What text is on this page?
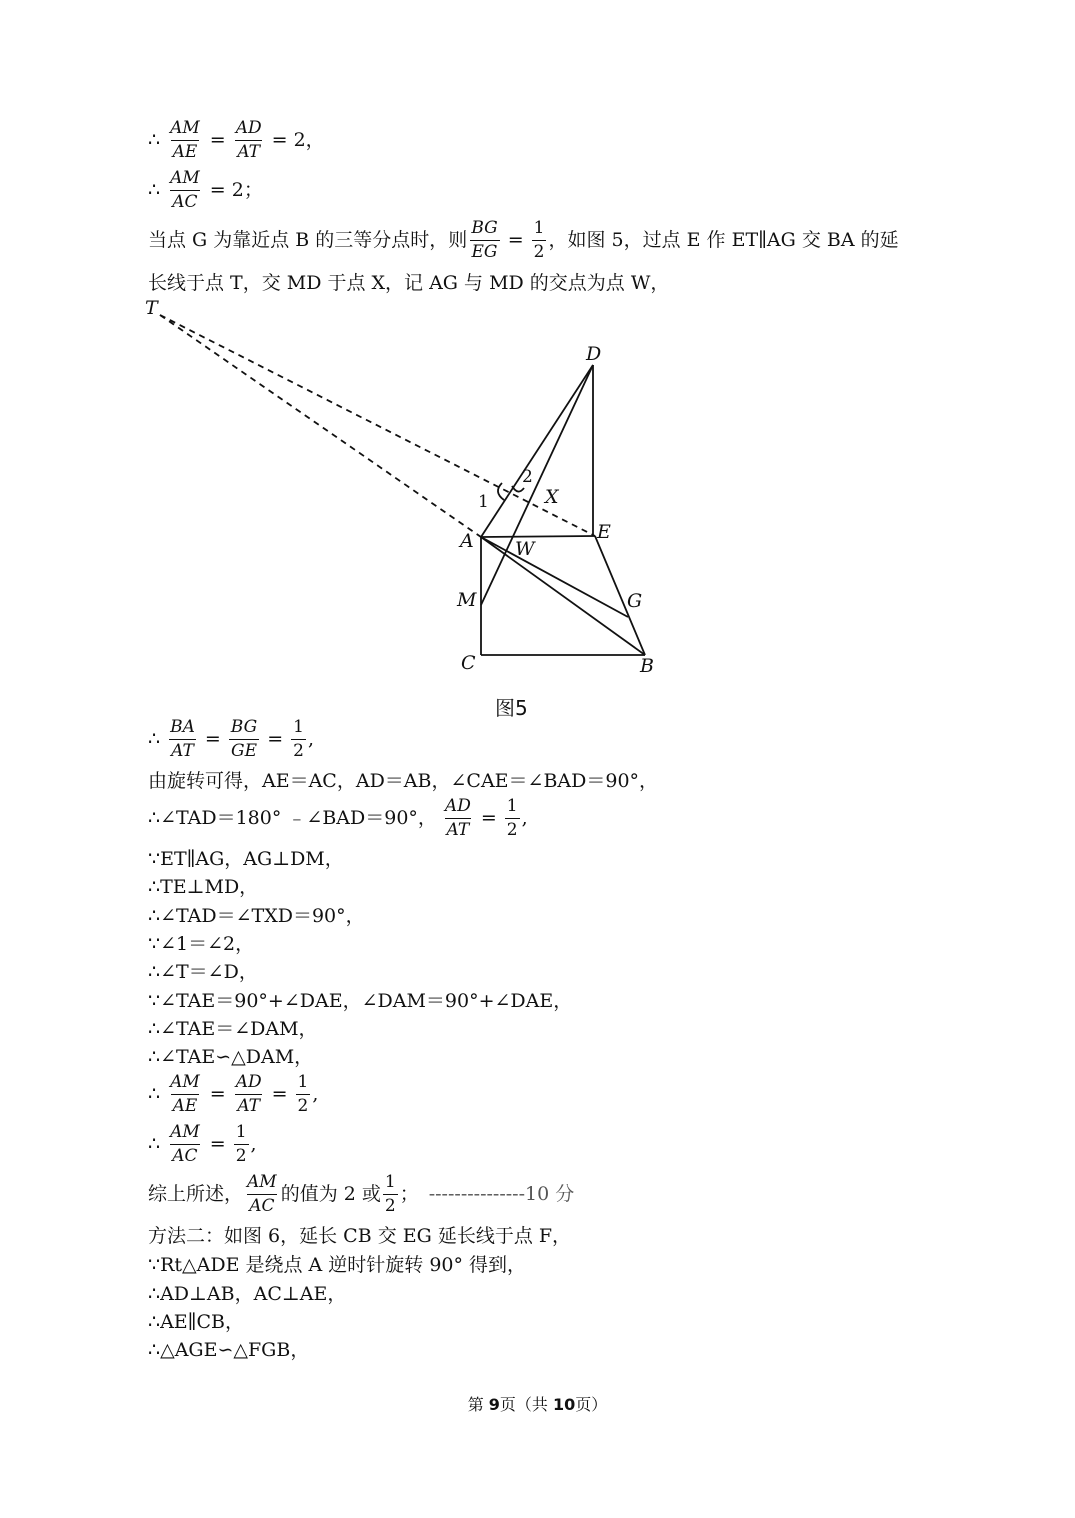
∴ $\frac{AM}{AE} = \frac{AD}{AT} = 2$，
∴ $\frac{AM}{AC} = 2$；
当点 G 为靠近点 B 的三等分点时，则 $\frac{BG}{EG} = \frac{1}{2}$ ，如图 5，过点 E 作 ET∥AG 交 BA 的延
长线于点 T，交 MD 于点 X，记 AG 与 MD 的交点为点 W，
T
D
A	E
W
X
M	G
C	B
1
2
图5
∴ $\frac{BA}{AT} = \frac{BG}{GE} = \frac{1}{2}$ ,
由旋转可得，AE＝AC，AD＝AB，∠CAE＝∠BAD＝90°，
∴∠TAD＝180° ﹣∠BAD＝90°， $\frac{AD}{AT} = \frac{1}{2}$ ,
∵ET∥AG，AG⊥DM，
∴TE⊥MD，
∴∠TAD＝∠TXD＝90°，
∵∠1＝∠2，
∴∠T＝∠D，
∵∠TAE＝90°+∠DAE，∠DAM＝90°+∠DAE，
∴∠TAE＝∠DAM，
∴∠TAE∽△DAM，
∴ $\frac{AM}{AE} = \frac{AD}{AT} = \frac{1}{2}$ ,
∴ $\frac{AM}{AC} = \frac{1}{2}$ ,
综上所述， $\frac{AM}{AC}$ 的值为 2 或 $\frac{1}{2}$ ； ---------------10 分
方法二：如图 6，延长 CB 交 EG 延长线于点 F，
∵Rt△ADE 是绕点 A 逆时针旋转 90° 得到，
∴AD⊥AB，AC⊥AE，
∴AE∥CB，
∴△AGE∽△FGB，
第 9页（共 10页）
